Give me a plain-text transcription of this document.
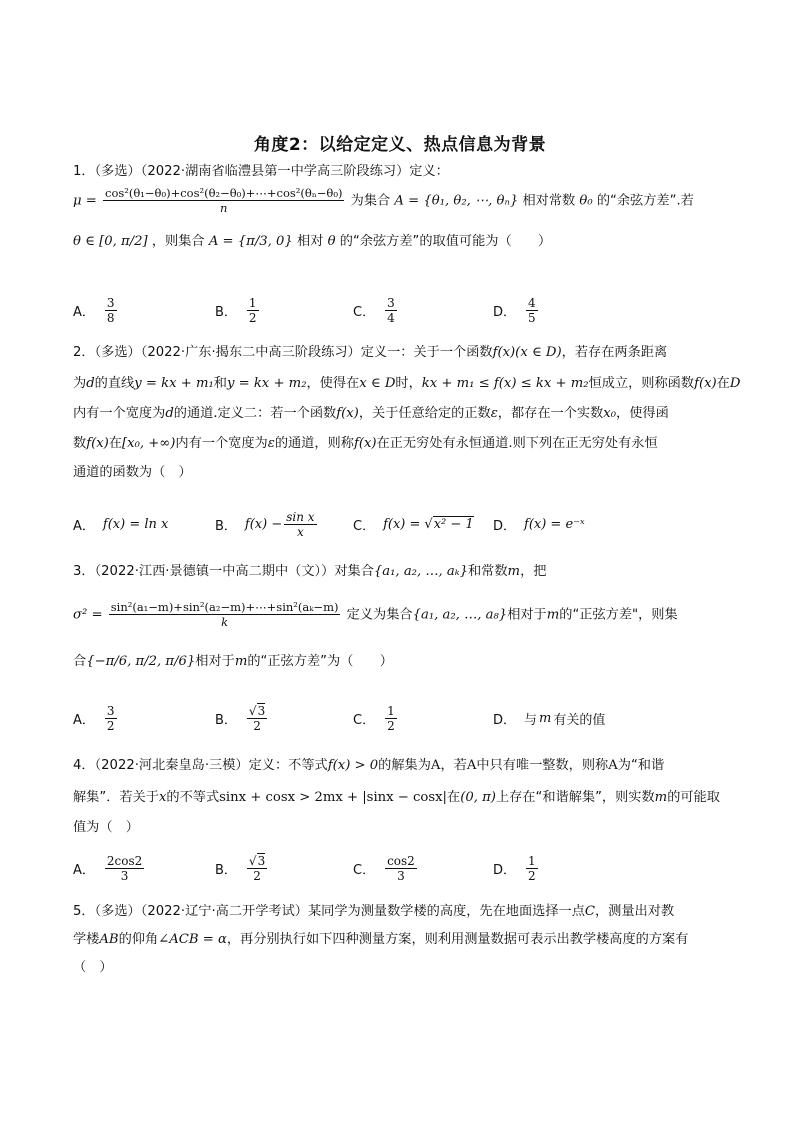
角度2：以给定定义、热点信息为背景
1．（多选）（2022·湖南省临澧县第一中学高三阶段练习）定义：
$\mu = \frac{\text{cos²(θ₁−θ₀)+cos²(θ₂−θ₀)+⋯+cos²(θₙ−θ₀)}}{n}$ 为集合 A = {θ₁, θ₂, ⋯, θₙ} 相对常数 θ₀ 的“余弦方差”.若
θ ∈ [0, π/2] ，则集合 A = {π/3, 0} 相对 θ 的“余弦方差”的取值可能为（　　）
A． $\frac{3}{8}$	B． $\frac{1}{2}$	C． $\frac{3}{4}$	D． $\frac{4}{5}$
2．（多选）（2022·广东·揭东二中高三阶段练习）定义一：关于一个函数f(x)(x ∈ D)，若存在两条距离
为d的直线y = kx + m₁和y = kx + m₂，使得在x ∈ D时，kx + m₁ ≤ f(x) ≤ kx + m₂恒成立，则称函数f(x)在D
内有一个宽度为d的通道.定义二：若一个函数f(x)，关于任意给定的正数ε，都存在一个实数x₀，使得函
数f(x)在[x₀, +∞)内有一个宽度为ε的通道，则称f(x)在正无穷处有永恒通道.则下列在正无穷处有永恒
通道的函数为（　）
A． f(x) = ln x	B． $f(x) - \frac{\text{sin x}}{x}$	C． f(x) = √ x² − 1 D． f(x) = e⁻ˣ
3．（2022·江西·景德镇一中高二期中（文））对集合{a₁, a₂, …, aₖ}和常数m，把
$\sigma^2 = \frac{\text{sin²(a₁−m)+sin²(a₂−m)+⋯+sin²(aₖ−m)}}{k}$ 定义为集合{a₁, a₂, …, a₈}相对于m的“正弦方差"，则集
合{−π/6, π/2, π/6}相对于m的“正弦方差”为（　　）
A． $\frac{3}{2}$	B． $\frac{√3}{2}$	C． $\frac{1}{2}$	D． 与 m 有关的值
4．（2022·河北秦皇岛·三模）定义：不等式f(x) > 0的解集为A，若A中只有唯一整数，则称A为“和谐
解集”．若关于x的不等式sinx + cosx > 2mx + |sinx − cosx|在(0, π)上存在“和谐解集”，则实数m的可能取
值为（　）
A． $\frac{2\cos 2}{3}$	B． $\frac{√3}{2}$	C． $\frac{\cos 2}{3}$	D． $\frac{1}{2}$
5．（多选）（2022·辽宁·高二开学考试）某同学为测量数学楼的高度，先在地面选择一点C，测量出对教
学楼AB的仰角∠ACB = α，再分别执行如下四种测量方案，则利用测量数据可表示出教学楼高度的方案有
（　）
